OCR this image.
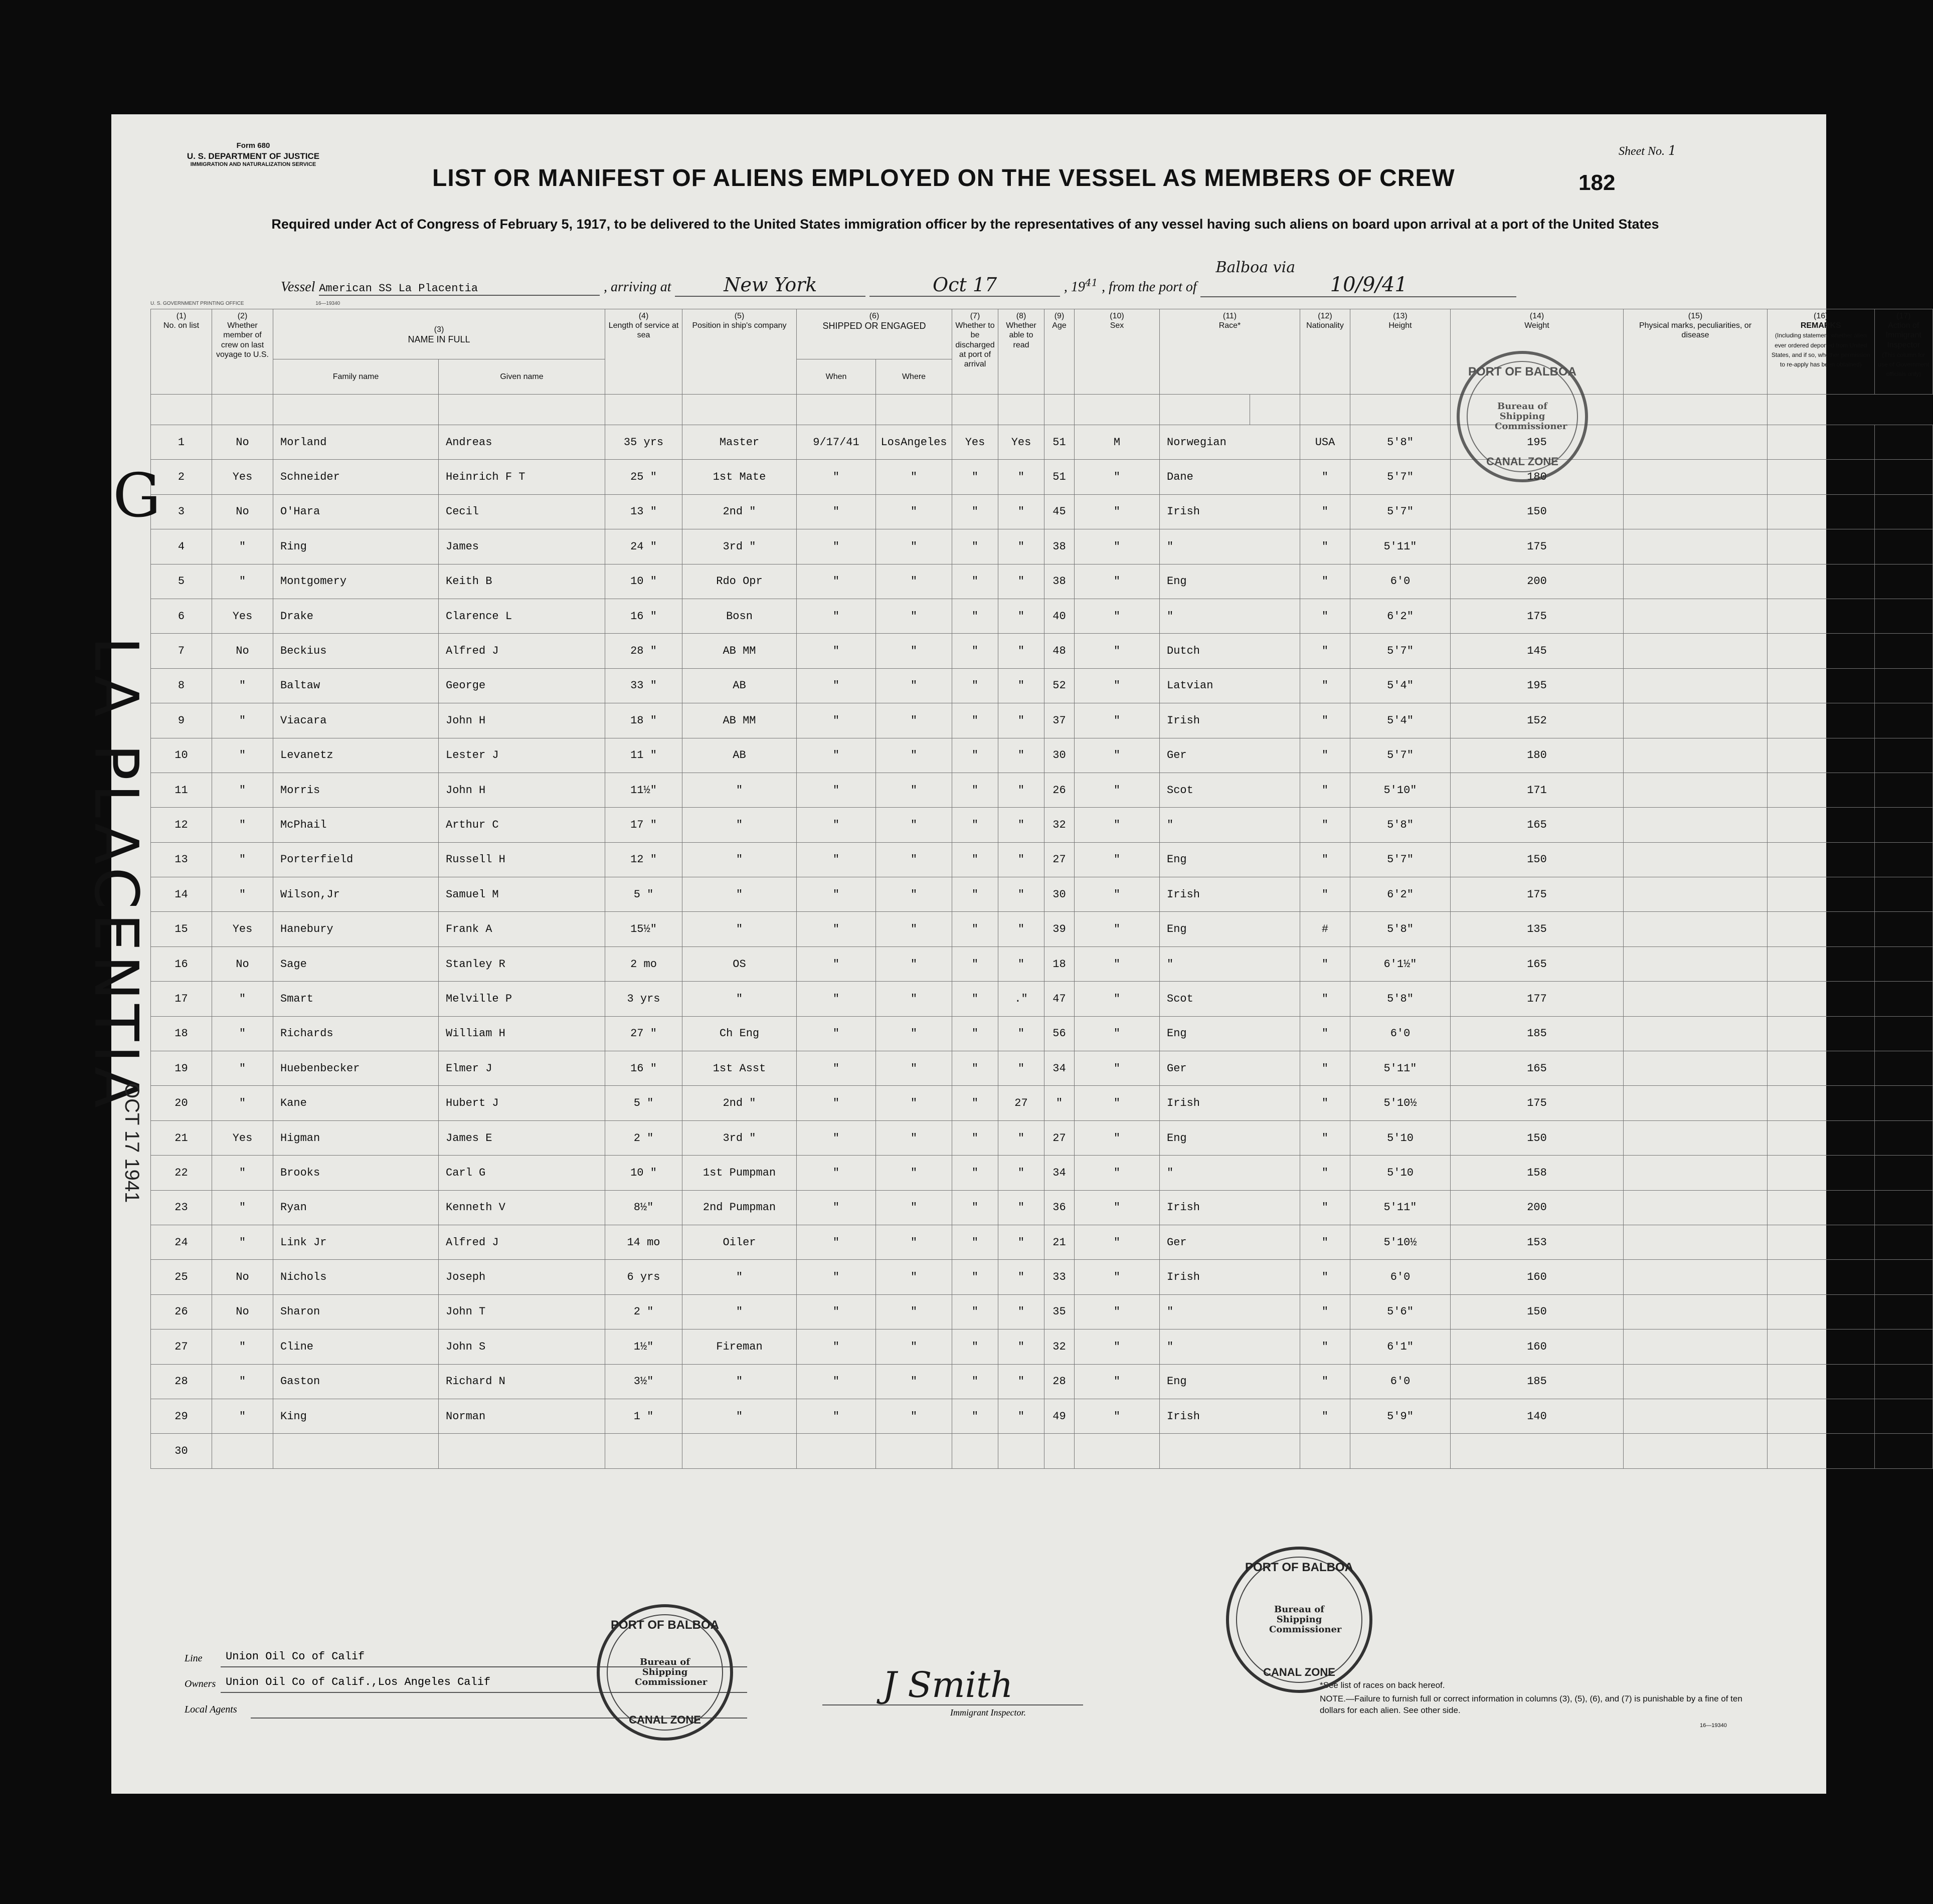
Form 680
U. S. DEPARTMENT OF JUSTICE
IMMIGRATION AND NATURALIZATION SERVICE
LIST OR MANIFEST OF ALIENS EMPLOYED ON THE VESSEL AS MEMBERS OF CREW
Sheet No. 1
182
Required under Act of Congress of February 5, 1917, to be delivered to the United States immigration officer by the representatives of any vessel having such aliens on board upon arrival at a port of the United States
Vessel American SS La Placentia	, arriving at	New York	Oct 17	, $19^{41}$ , from the port of Balboa via 10/9/41
U. S. GOVERNMENT PRINTING OFFICE	16—19340
(1)
No. on list	(2)
Whether member of crew on last voyage to U.S.	(3)
NAME IN FULL		(4)
Length of service at sea	(5)
Position in ship's company	(6)
SHIPPED OR ENGAGED		(7)
Whether to be discharged at port of arrival	(8)
Whether able to read	(9)
Age	(10)
Sex	(11)
Race*		(12)
Nationality	(13)
Height	(14)
Weight	(15)
Physical marks, peculiarities, or disease	(16)
REMARKS
(Including statement whether alien ever ordered deported from United States, and if so, whether permission to re-apply has been obtained)	(17)
Action of Immigrant Inspector
(This column for use of Government officials only)
		Family name	Given name			When	Where												

1	No	Morland	Andreas	35 yrs	Master	9/17/41	LosAngeles	Yes	Yes	51	M	Norwegian		USA	5'8"	195			
2	Yes	Schneider	Heinrich F T	25 "	1st Mate	"	"	"	"	51	"	Dane		"	5'7"	180			
3	No	O'Hara	Cecil	13 "	2nd "	"	"	"	"	45	"	Irish		"	5'7"	150			
4	"	Ring	James	24 "	3rd "	"	"	"	"	38	"	"		"	5'11"	175			
5	"	Montgomery	Keith B	10 "	Rdo Opr	"	"	"	"	38	"	Eng		"	6'0	200			
6	Yes	Drake	Clarence L	16 "	Bosn	"	"	"	"	40	"	"		"	6'2"	175			
7	No	Beckius	Alfred J	28 "	AB MM	"	"	"	"	48	"	Dutch		"	5'7"	145			
8	"	Baltaw	George	33 "	AB	"	"	"	"	52	"	Latvian		"	5'4"	195			
9	"	Viacara	John H	18 "	AB MM	"	"	"	"	37	"	Irish		"	5'4"	152			
10	"	Levanetz	Lester J	11 "	AB	"	"	"	"	30	"	Ger		"	5'7"	180			
11	"	Morris	John H	11½"	"	"	"	"	"	26	"	Scot		"	5'10"	171			
12	"	McPhail	Arthur C	17 "	"	"	"	"	"	32	"	"		"	5'8"	165			
13	"	Porterfield	Russell H	12 "	"	"	"	"	"	27	"	Eng		"	5'7"	150			
14	"	Wilson,Jr	Samuel M	5 "	"	"	"	"	"	30	"	Irish		"	6'2"	175			
15	Yes	Hanebury	Frank A	15½"	"	"	"	"	"	39	"	Eng		#	5'8"	135			
16	No	Sage	Stanley R	2 mo	OS	"	"	"	"	18	"	"		"	6'1½"	165			
17	"	Smart	Melville P	3 yrs	"	"	"	"	."	47	"	Scot		"	5'8"	177			
18	"	Richards	William H	27 "	Ch Eng	"	"	"	"	56	"	Eng		"	6'0	185			
19	"	Huebenbecker	Elmer J	16 "	1st Asst	"	"	"	"	34	"	Ger		"	5'11"	165			
20	"	Kane	Hubert J	5 "	2nd "	"	"	"	27	"	"	Irish		"	5'10½	175			
21	Yes	Higman	James E	2 "	3rd "	"	"	"	"	27	"	Eng		"	5'10	150			
22	"	Brooks	Carl G	10 "	1st Pumpman	"	"	"	"	34	"	"		"	5'10	158			
23	"	Ryan	Kenneth V	8½"	2nd Pumpman	"	"	"	"	36	"	Irish		"	5'11"	200			
24	"	Link Jr	Alfred J	14 mo	Oiler	"	"	"	"	21	"	Ger		"	5'10½	153			
25	No	Nichols	Joseph	6 yrs	"	"	"	"	"	33	"	Irish		"	6'0	160			
26	No	Sharon	John T	2 "	"	"	"	"	"	35	"	"		"	5'6"	150			
27	"	Cline	John S	1½"	Fireman	"	"	"	"	32	"	"		"	6'1"	160			
28	"	Gaston	Richard N	3½"	"	"	"	"	"	28	"	Eng		"	6'0	185			
29	"	King	Norman	1 "	"	"	"	"	"	49	"	Irish		"	5'9"	140			
30																			
Line Union Oil Co of Calif
Owners Union Oil Co of Calif.,Los Angeles Calif
Local Agents
J Smith
Immigrant Inspector.
*See list of races on back hereof.
NOTE.—Failure to furnish full or correct information in columns (3), (5), (6), and (7) is punishable by a fine of ten dollars for each alien. See other side.
16—19340
PORT OF BALBOA
Bureau of Shipping Commissioner
CANAL ZONE
PORT OF BALBOA
Bureau of Shipping Commissioner
CANAL ZONE
PORT OF BALBOA
Bureau of Shipping Commissioner
CANAL ZONE
G
LA PLACENTIA
OCT 17 1941
